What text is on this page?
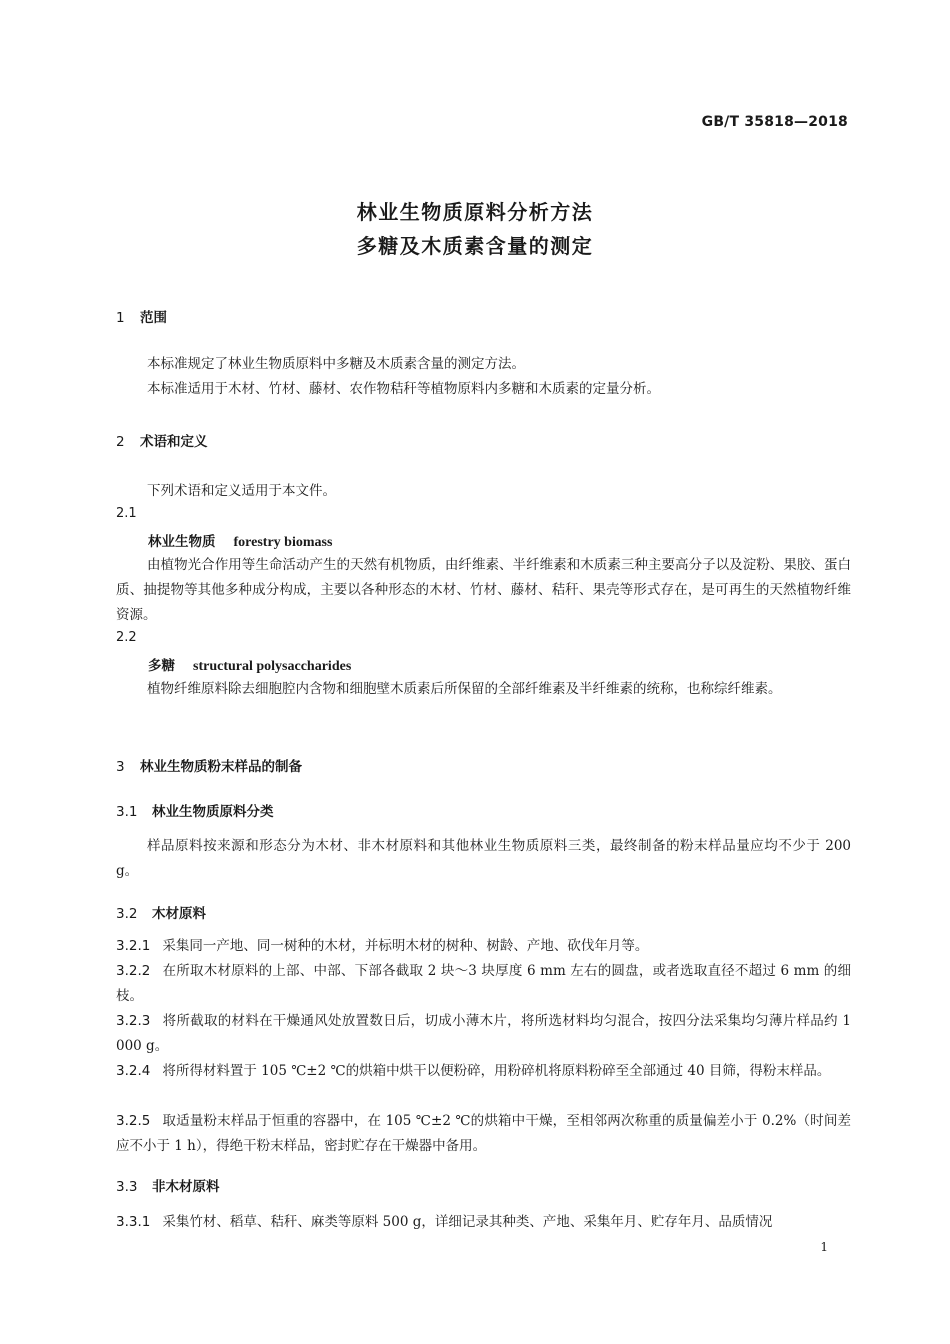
GB/T 35818—2018
林业生物质原料分析方法
多糖及木质素含量的测定
1 范围
本标准规定了林业生物质原料中多糖及木质素含量的测定方法。
本标准适用于木材、竹材、藤材、农作物秸秆等植物原料内多糖和木质素的定量分析。
2 术语和定义
下列术语和定义适用于本文件。
2.1
林业生物质 forestry biomass
由植物光合作用等生命活动产生的天然有机物质，由纤维素、半纤维素和木质素三种主要高分子以及淀粉、果胶、蛋白质、抽提物等其他多种成分构成，主要以各种形态的木材、竹材、藤材、秸秆、果壳等形式存在，是可再生的天然植物纤维资源。
2.2
多糖 structural polysaccharides
植物纤维原料除去细胞腔内含物和细胞壁木质素后所保留的全部纤维素及半纤维素的统称，也称综纤维素。
3 林业生物质粉末样品的制备
3.1 林业生物质原料分类
样品原料按来源和形态分为木材、非木材原料和其他林业生物质原料三类，最终制备的粉末样品量应均不少于 200 g。
3.2 木材原料
3.2.1 采集同一产地、同一树种的木材，并标明木材的树种、树龄、产地、砍伐年月等。
3.2.2 在所取木材原料的上部、中部、下部各截取 2 块～3 块厚度 6 mm 左右的圆盘，或者选取直径不超过 6 mm 的细枝。
3.2.3 将所截取的材料在干燥通风处放置数日后，切成小薄木片，将所选材料均匀混合，按四分法采集均匀薄片样品约 1 000 g。
3.2.4 将所得材料置于 105 ℃±2 ℃的烘箱中烘干以便粉碎，用粉碎机将原料粉碎至全部通过 40 目筛，得粉末样品。
3.2.5 取适量粉末样品于恒重的容器中，在 105 ℃±2 ℃的烘箱中干燥，至相邻两次称重的质量偏差小于 0.2%（时间差应不小于 1 h），得绝干粉末样品，密封贮存在干燥器中备用。
3.3 非木材原料
3.3.1 采集竹材、稻草、秸秆、麻类等原料 500 g，详细记录其种类、产地、采集年月、贮存年月、品质情况
1
